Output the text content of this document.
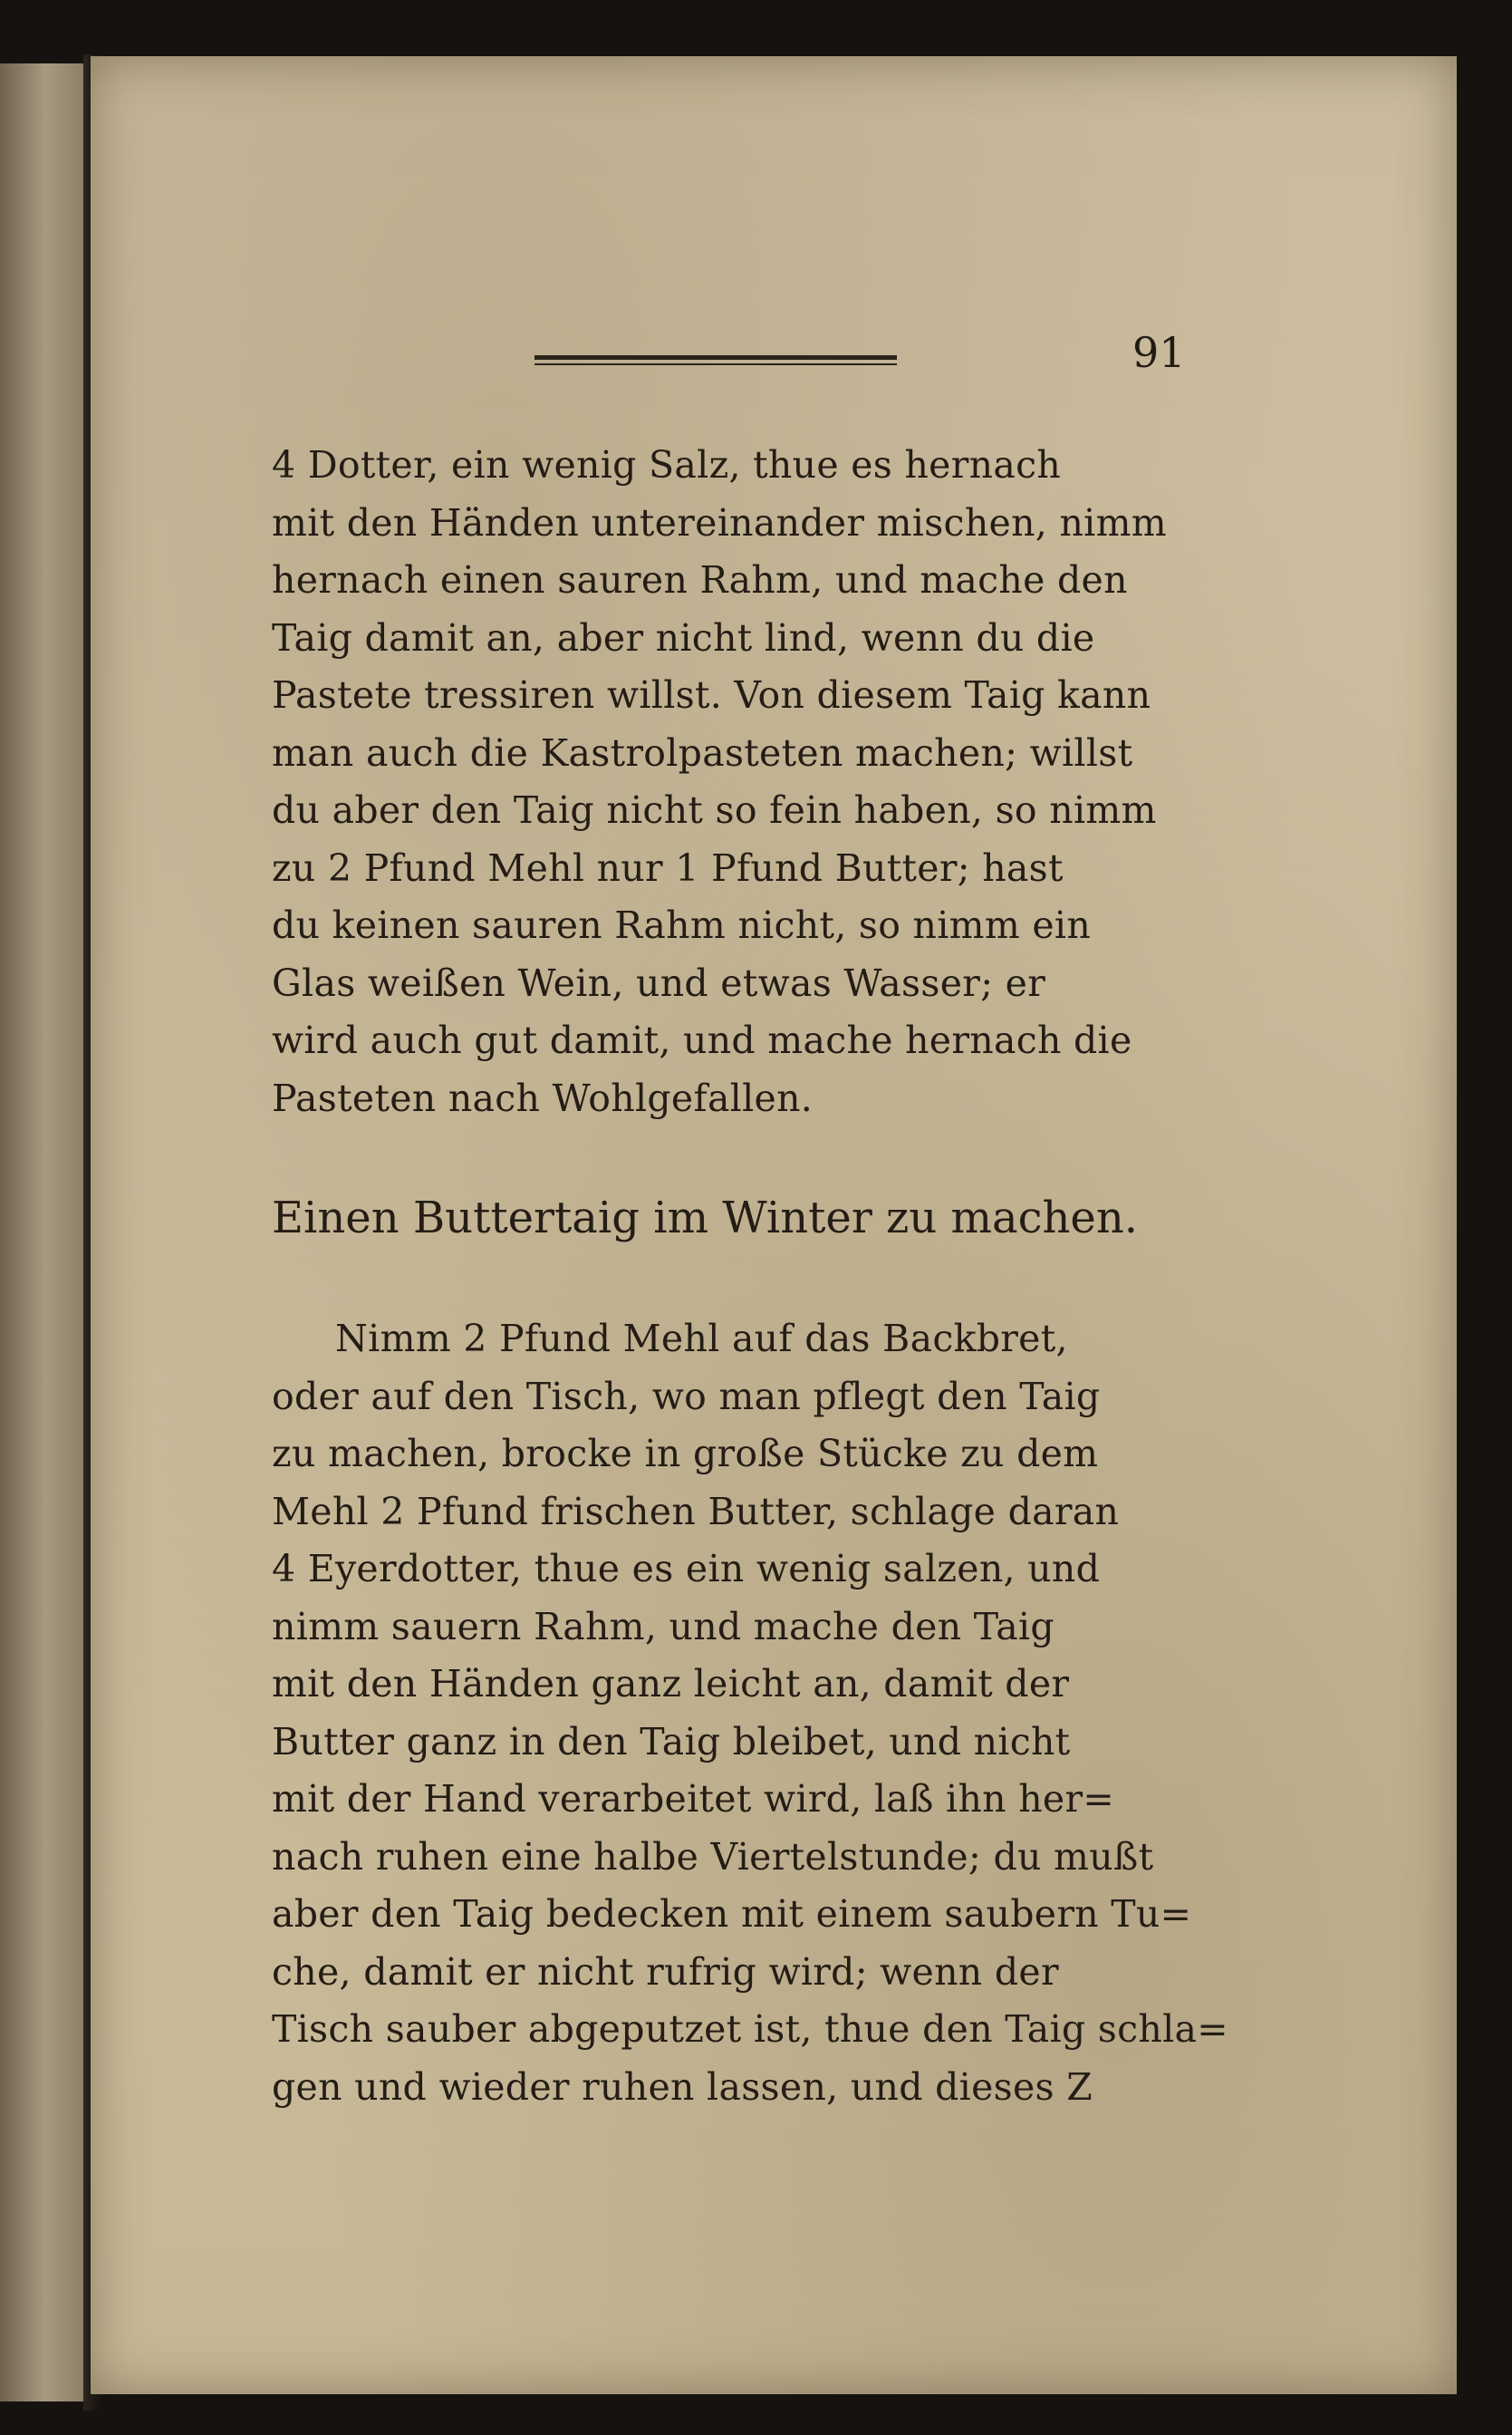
91

4 Dotter, ein wenig Salz, thue es hernach
mit den Händen untereinander mischen, nimm
hernach einen sauren Rahm, und mache den
Taig damit an, aber nicht lind, wenn du die
Pastete tressiren willst. Von diesem Taig kann
man auch die Kastrolpasteten machen; willst
du aber den Taig nicht so fein haben, so nimm
zu 2 Pfund Mehl nur 1 Pfund Butter; hast
du keinen sauren Rahm nicht, so nimm ein
Glas weißen Wein, und etwas Wasser; er
wird auch gut damit, und mache hernach die
Pasteten nach Wohlgefallen.

Einen Buttertaig im Winter zu machen.

Nimm 2 Pfund Mehl auf das Backbret,
oder auf den Tisch, wo man pflegt den Taig
zu machen, brocke in große Stücke zu dem
Mehl 2 Pfund frischen Butter, schlage daran
4 Eyerdotter, thue es ein wenig salzen, und
nimm sauern Rahm, und mache den Taig
mit den Händen ganz leicht an, damit der
Butter ganz in den Taig bleibet, und nicht
mit der Hand verarbeitet wird, laß ihn her=
nach ruhen eine halbe Viertelstunde; du mußt
aber den Taig bedecken mit einem saubern Tu=
che, damit er nicht rufrig wird; wenn der
Tisch sauber abgeputzet ist, thue den Taig schla=
gen und wieder ruhen lassen, und dieses Z
